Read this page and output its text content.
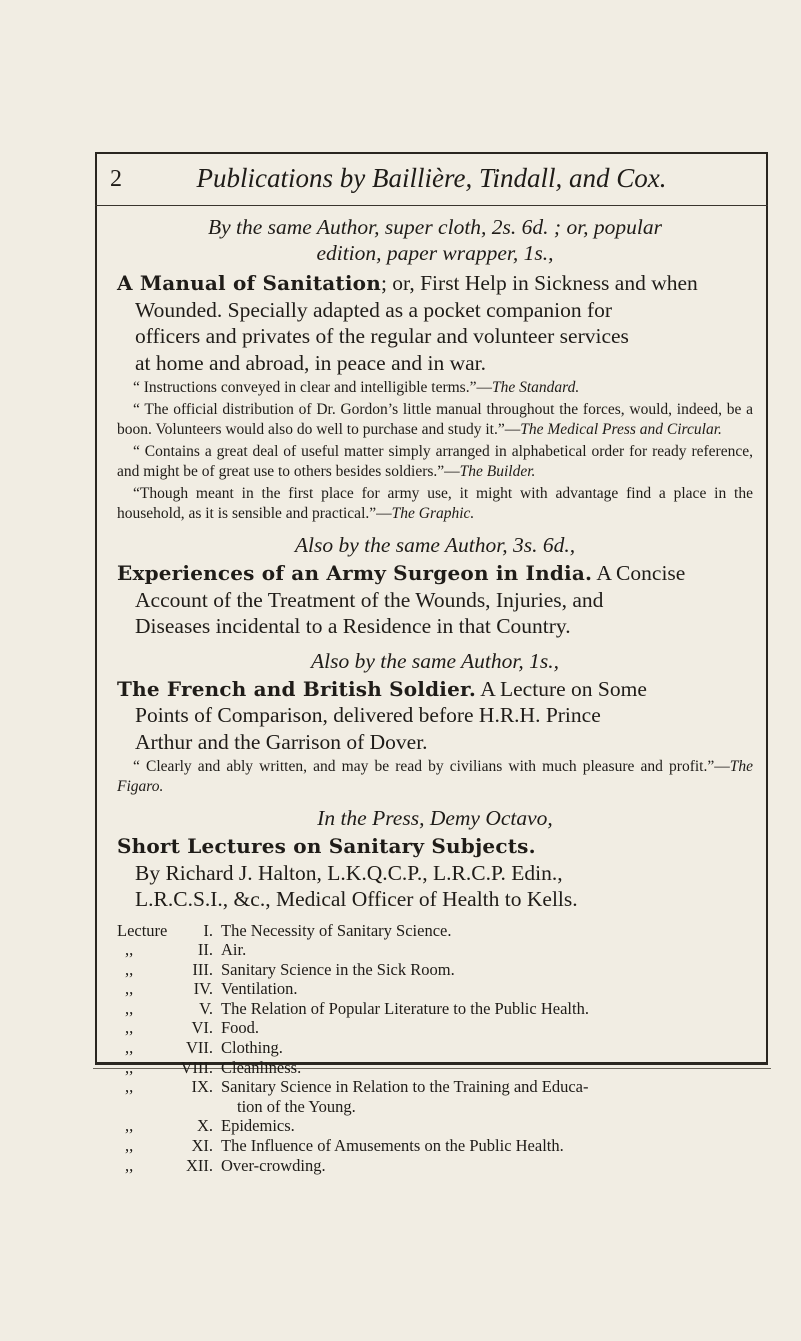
2	Publications by Baillière, Tindall, and Cox.

By the same Author, super cloth, 2s. 6d. ; or, popular
edition, paper wrapper, 1s.,

A Manual of Sanitation; or, First Help in Sickness and when
Wounded. Specially adapted as a pocket companion for
officers and privates of the regular and volunteer services
at home and abroad, in peace and in war.

“ Instructions conveyed in clear and intelligible terms.”—The Standard.

“ The official distribution of Dr. Gordon’s little manual throughout the forces, would, indeed, be a boon. Volunteers would also do well to purchase and study it.”—The Medical Press and Circular.

“ Contains a great deal of useful matter simply arranged in alphabetical order for ready reference, and might be of great use to others besides soldiers.”—The Builder.

“Though meant in the first place for army use, it might with advantage find a place in the household, as it is sensible and practical.”—The Graphic.

Also by the same Author, 3s. 6d.,

Experiences of an Army Surgeon in India. A Concise
Account of the Treatment of the Wounds, Injuries, and
Diseases incidental to a Residence in that Country.

Also by the same Author, 1s.,

The French and British Soldier. A Lecture on Some
Points of Comparison, delivered before H.R.H. Prince
Arthur and the Garrison of Dover.

“ Clearly and ably written, and may be read by civilians with much pleasure and profit.”—The Figaro.

In the Press, Demy Octavo,

Short Lectures on Sanitary Subjects.

By Richard J. Halton, L.K.Q.C.P., L.R.C.P. Edin.,
L.R.C.S.I., &c., Medical Officer of Health to Kells.

Lecture	I. The Necessity of Sanitary Science.
,,	II. Air.
,,	III. Sanitary Science in the Sick Room.
,,	IV. Ventilation.
,,	V. The Relation of Popular Literature to the Public Health.
,,	VI. Food.
,,	VII. Clothing.
,,	VIII. Cleanliness.
,,	IX. Sanitary Science in Relation to the Training and Educa-
tion of the Young.
,,	X. Epidemics.
,,	XI. The Influence of Amusements on the Public Health.
,,	XII. Over-crowding.
